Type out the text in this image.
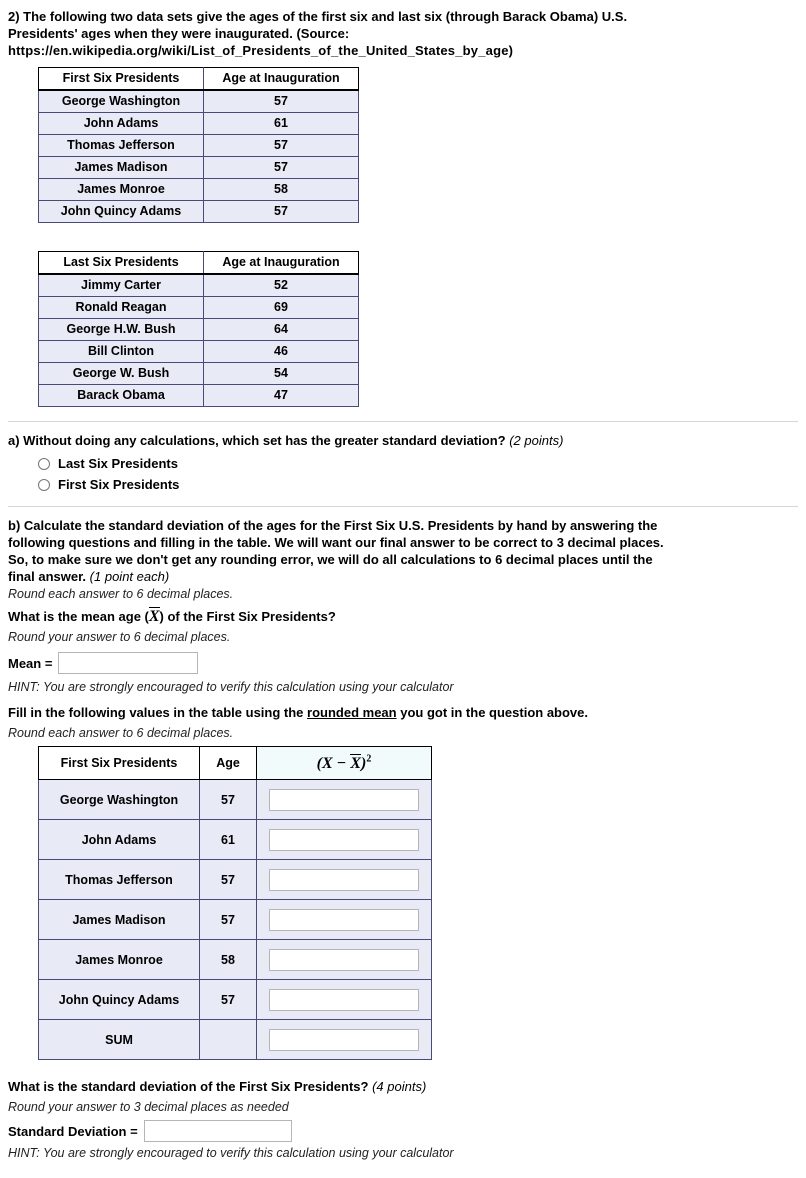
2) The following two data sets give the ages of the first six and last six (through Barack Obama) U.S.
Presidents' ages when they were inaugurated. (Source:
https://en.wikipedia.org/wiki/List_of_Presidents_of_the_United_States_by_age)
First Six Presidents	Age at Inauguration
George Washington	57
John Adams	61
Thomas Jefferson	57
James Madison	57
James Monroe	58
John Quincy Adams	57
Last Six Presidents	Age at Inauguration
Jimmy Carter	52
Ronald Reagan	69
George H.W. Bush	64
Bill Clinton	46
George W. Bush	54
Barack Obama	47
a) Without doing any calculations, which set has the greater standard deviation? (2 points)
Last Six Presidents
First Six Presidents
b) Calculate the standard deviation of the ages for the First Six U.S. Presidents by hand by answering the
following questions and filling in the table. We will want our final answer to be correct to 3 decimal places.
So, to make sure we don't get any rounding error, we will do all calculations to 6 decimal places until the
final answer. (1 point each)
Round each answer to 6 decimal places.
What is the mean age (X) of the First Six Presidents?
Round your answer to 6 decimal places.
Mean =
HINT: You are strongly encouraged to verify this calculation using your calculator
Fill in the following values in the table using the rounded mean you got in the question above.
Round each answer to 6 decimal places.
First Six Presidents	Age	$(X - X)^2$
George Washington	57	
John Adams	61	
Thomas Jefferson	57	
James Madison	57	
James Monroe	58	
John Quincy Adams	57	
SUM		
What is the standard deviation of the First Six Presidents? (4 points)
Round your answer to 3 decimal places as needed
Standard Deviation =
HINT: You are strongly encouraged to verify this calculation using your calculator
